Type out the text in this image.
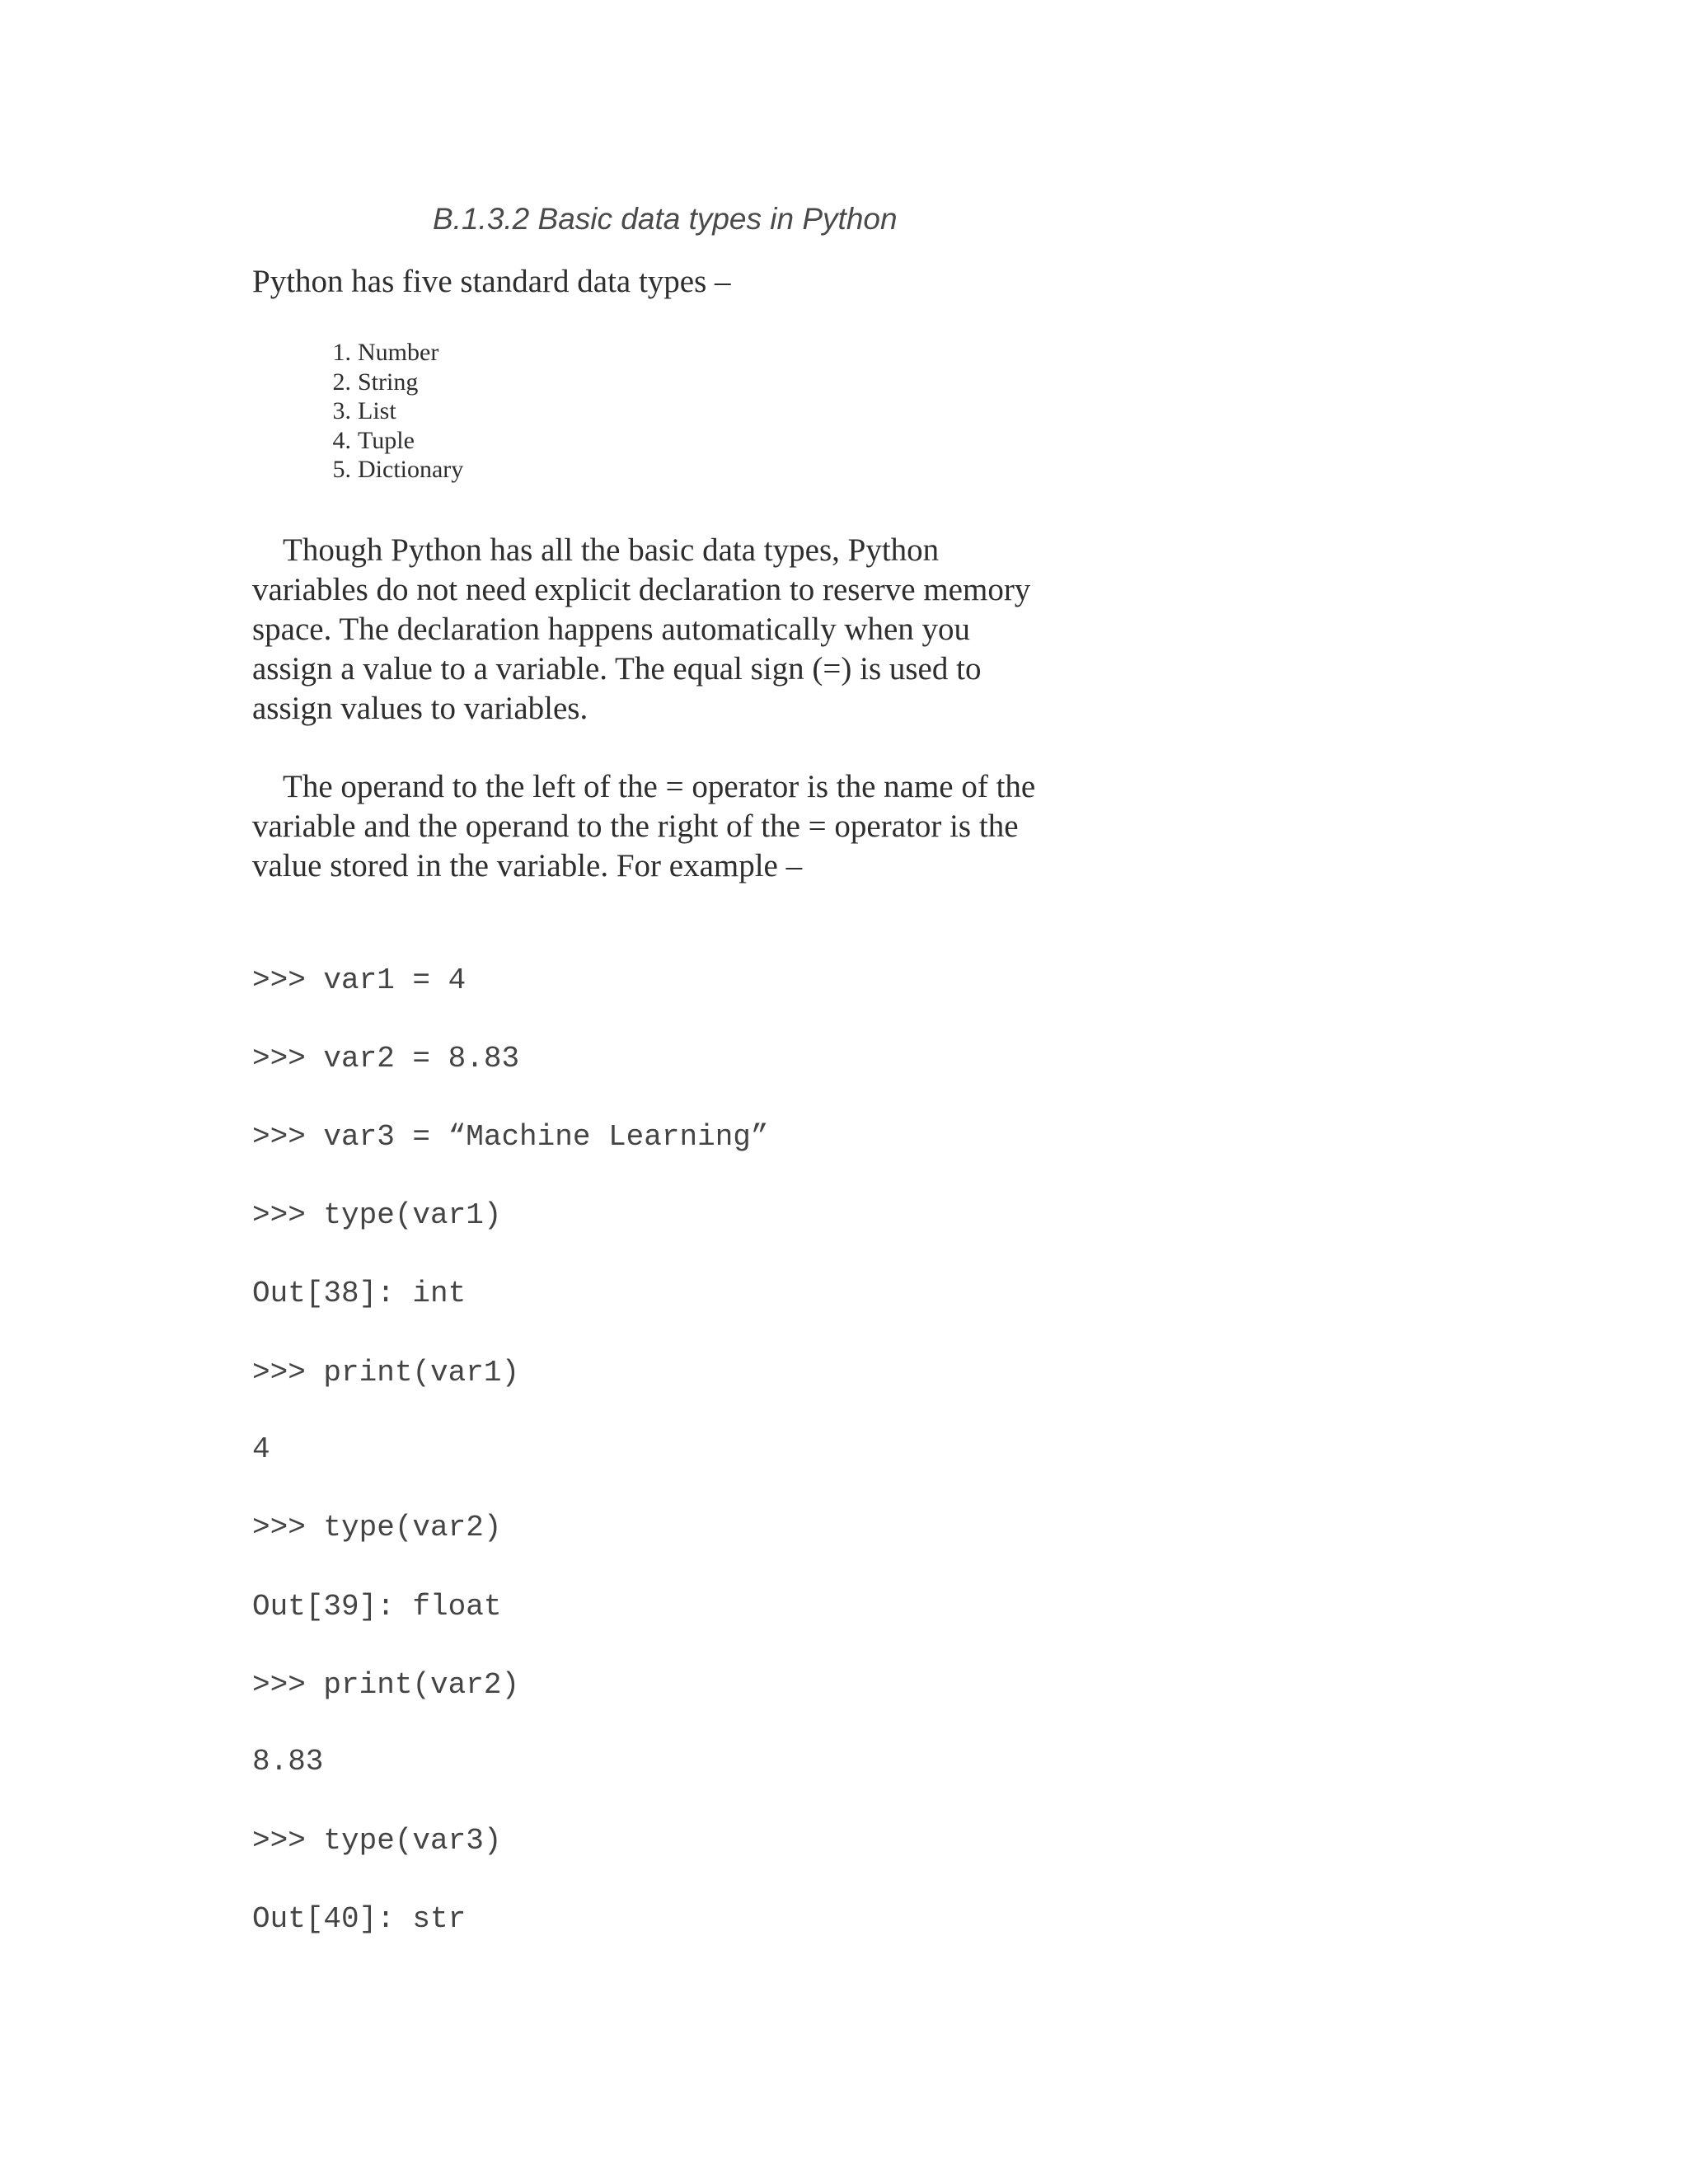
B.1.3.2 Basic data types in Python

Python has five standard data types –

1. Number
2. String
3. List
4. Tuple
5. Dictionary

Though Python has all the basic data types, Python variables do not need explicit declaration to reserve memory space. The declaration happens automatically when you assign a value to a variable. The equal sign (=) is used to assign values to variables.

The operand to the left of the = operator is the name of the variable and the operand to the right of the = operator is the value stored in the variable. For example –

>>> var1 = 4
>>> var2 = 8.83
>>> var3 = “Machine Learning”
>>> type(var1)
Out[38]: int
>>> print(var1)
4
>>> type(var2)
Out[39]: float
>>> print(var2)
8.83
>>> type(var3)
Out[40]: str
